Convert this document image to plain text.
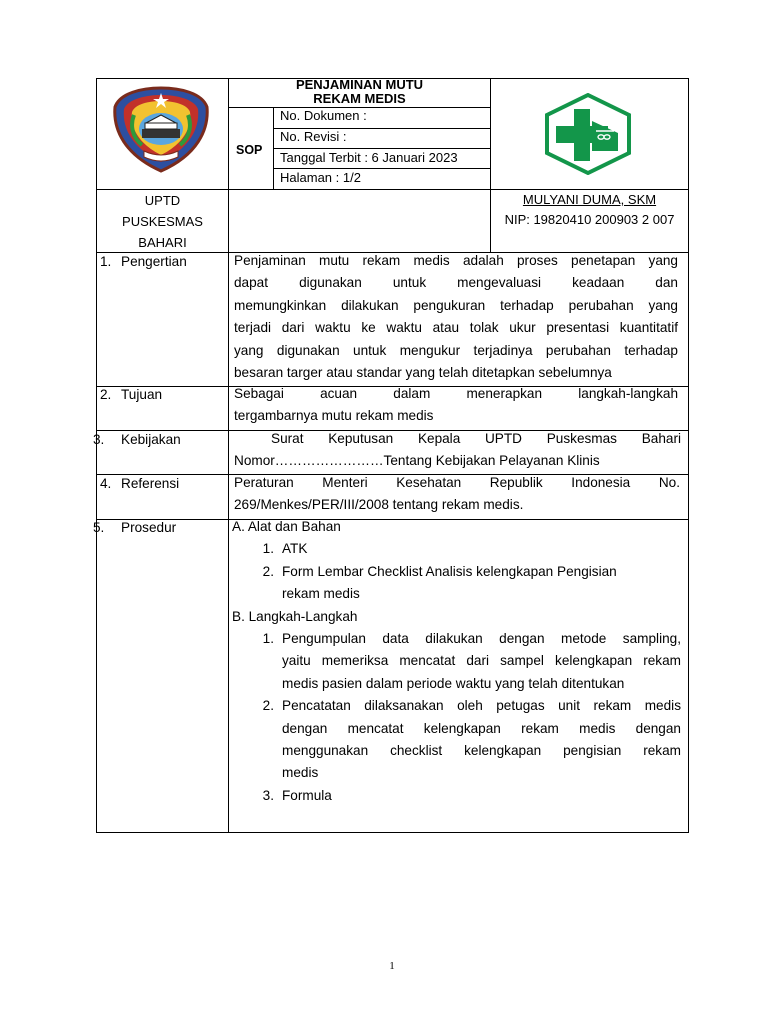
PENJAMINAN MUTU
REKAM MEDIS
SOP
No. Dokumen :
No. Revisi :
Tanggal Terbit : 6 Januari 2023
Halaman : 1/2
UPTD
PUSKESMAS
BAHARI
MULYANI DUMA, SKM
NIP: 19820410 200903 2 007
1. Pengertian
2. Tujuan
3. Kebijakan
4. Referensi
5. Prosedur
Penjaminan mutu rekam medis adalah proses penetapan yang
dapat digunakan untuk mengevaluasi keadaan dan
memungkinkan dilakukan pengukuran terhadap perubahan yang
terjadi dari waktu ke waktu atau tolak ukur presentasi kuantitatif
yang digunakan untuk mengukur terjadinya perubahan terhadap
besaran targer atau standar yang telah ditetapkan sebelumnya
Sebagai acuan dalam menerapkan langkah-langkah
tergambarnya mutu rekam medis
Surat Keputusan Kepala UPTD Puskesmas Bahari
Nomor……………………Tentang Kebijakan Pelayanan Klinis
Peraturan Menteri Kesehatan Republik Indonesia No.
269/Menkes/PER/III/2008 tentang rekam medis.
A. Alat dan Bahan
1. ATK
2. Form Lembar Checklist Analisis kelengkapan Pengisian
rekam medis
B. Langkah-Langkah
1. Pengumpulan data dilakukan dengan metode sampling,
yaitu memeriksa mencatat dari sampel kelengkapan rekam
medis pasien dalam periode waktu yang telah ditentukan
2. Pencatatan dilaksanakan oleh petugas unit rekam medis
dengan mencatat kelengkapan rekam medis dengan
menggunakan checklist kelengkapan pengisian rekam
medis
3. Formula
1
